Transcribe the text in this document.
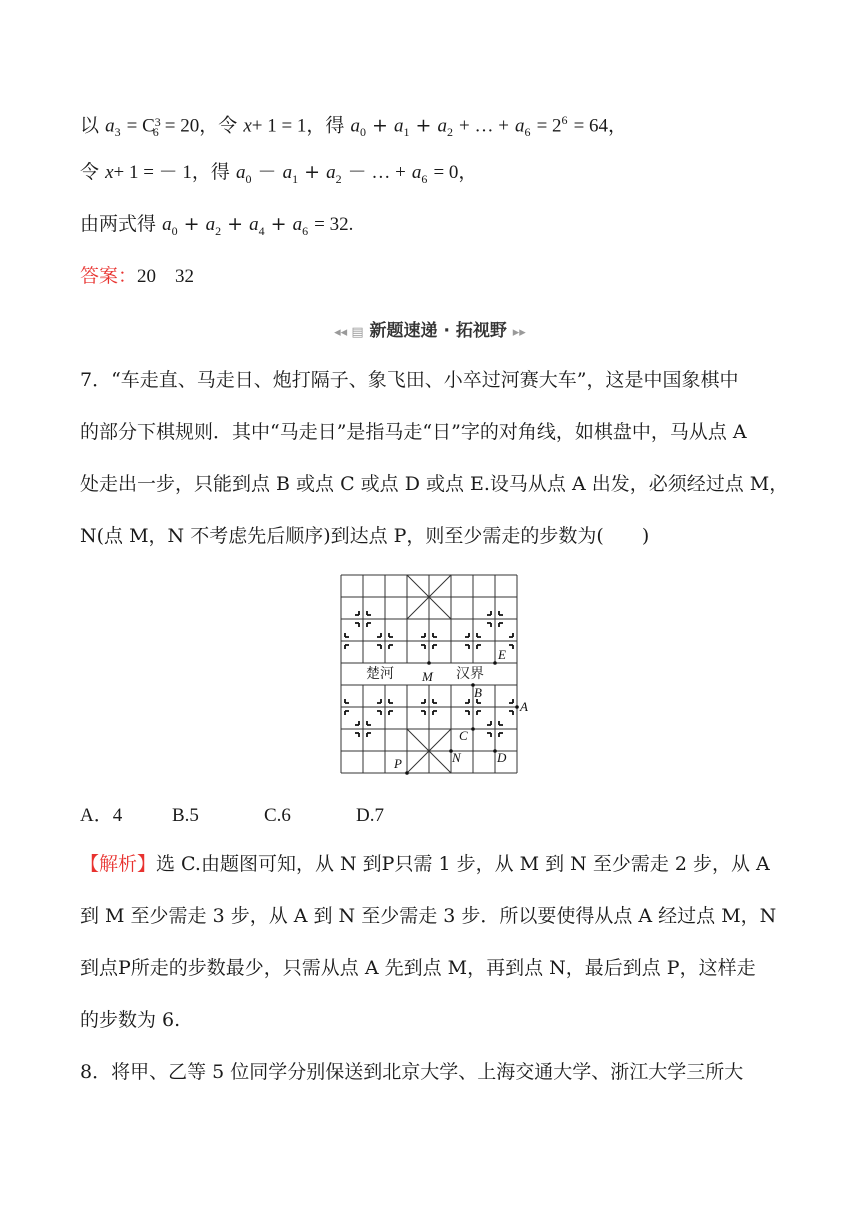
以 $a_3 = C_{36} = 20$，令 x+ 1 = 1，得 $a_0 + a_1 + a_2$ + … + $a_6 = 2^6 = 64$，
令 x+ 1 = － 1，得 $a_0 - a_1 + a_2$ － … + $a_6 = 0$，
由两式得 $a_0 + a_2 + a_4 + a_6 = 32$.
答案：20　32
◂◂ ▤ 新题速递 · 拓视野 ▸▸
7．“车走直、马走日、炮打隔子、象飞田、小卒过河赛大车”，这是中国象棋中
的部分下棋规则．其中“马走日”是指马走“日”字的对角线，如棋盘中，马从点 A
处走出一步，只能到点 B 或点 C 或点 D 或点 E.设马从点 A 出发，必须经过点 M，
N(点 M，N 不考虑先后顺序)到达点 P，则至少需走的步数为(　　)
楚河	汉界
M
E
B
A
C
N	D
P
A．4	B.5	C.6	D.7
【解析】选 C.由题图可知，从 N 到P只需 1 步，从 M 到 N 至少需走 2 步，从 A
到 M 至少需走 3 步，从 A 到 N 至少需走 3 步．所以要使得从点 A 经过点 M，N
到点P所走的步数最少，只需从点 A 先到点 M，再到点 N，最后到点 P，这样走
的步数为 6.
8．将甲、乙等 5 位同学分别保送到北京大学、上海交通大学、浙江大学三所大
